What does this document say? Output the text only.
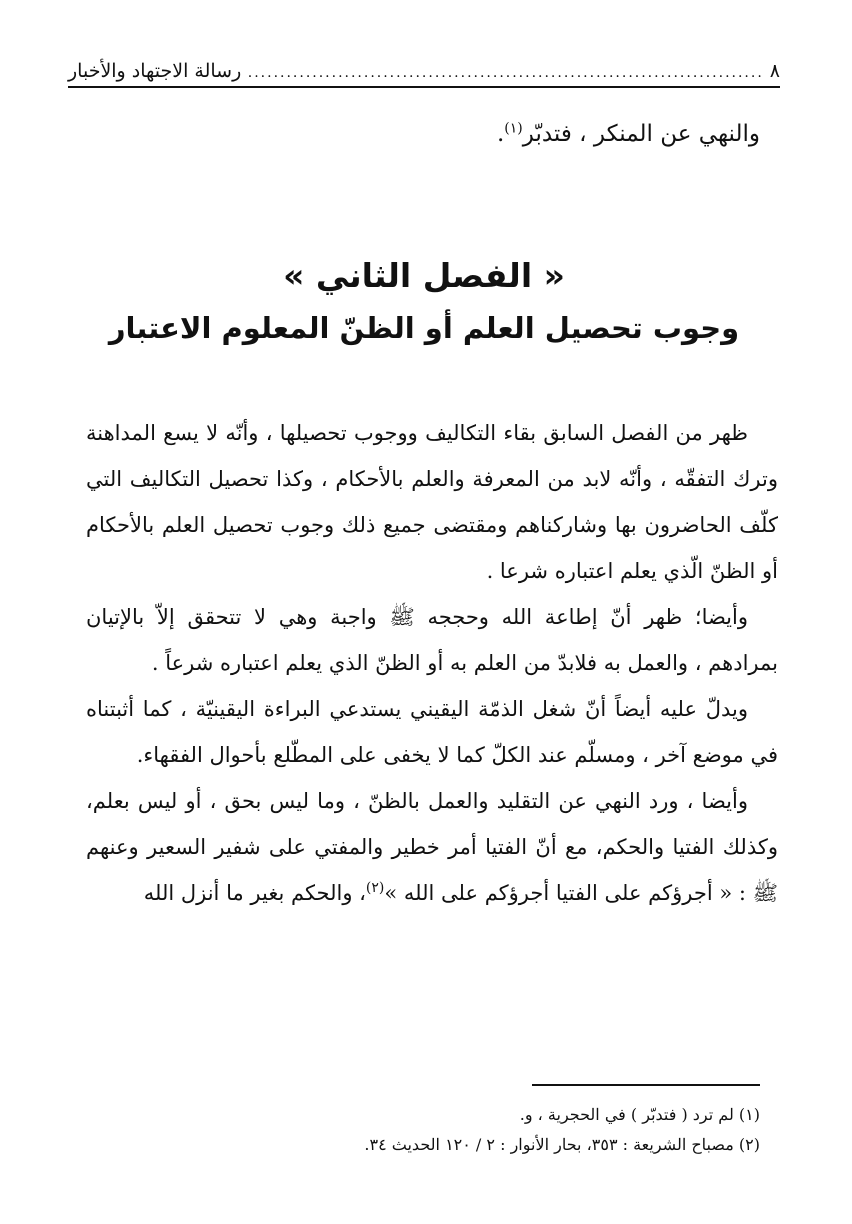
٨
................................................................................
رسالة الاجتهاد والأخبار
والنهي عن المنكر ، فتدبّر$^{(١)}$.
« الفصل الثاني »
وجوب تحصيل العلم أو الظنّ المعلوم الاعتبار

ظهر من الفصل السابق بقاء التكاليف ووجوب تحصيلها ، وأنّه لا يسع المداهنة وترك التفقّه ، وأنّه لابد من المعرفة والعلم بالأحكام ، وكذا تحصيل التكاليف التي كلّف الحاضرون بها وشاركناهم ومقتضى جميع ذلك وجوب تحصيل العلم بالأحكام أو الظنّ الّذي يعلم اعتباره شرعا .

وأيضا؛ ظهر أنّ إطاعة الله وحججه ﷺ واجبة وهي لا تتحقق إلاّ بالإتيان بمرادهم ، والعمل به فلابدّ من العلم به أو الظنّ الذي يعلم اعتباره شرعاً .

ويدلّ عليه أيضاً أنّ شغل الذمّة اليقيني يستدعي البراءة اليقينيّة ، كما أثبتناه في موضع آخر ، ومسلّم عند الكلّ كما لا يخفى على المطّلع بأحوال الفقهاء.

وأيضا ، ورد النهي عن التقليد والعمل بالظنّ ، وما ليس بحق ، أو ليس بعلم، وكذلك الفتيا والحكم، مع أنّ الفتيا أمر خطير والمفتي على شفير السعير وعنهم ﷺ : « أجرؤكم على الفتيا أجرؤكم على الله »$^{(٢)}$، والحكم بغير ما أنزل الله

(١) لم ترد ( فتدبّر ) في الحجرية ، و.
(٢) مصباح الشريعة : ٣٥٣، بحار الأنوار : ٢ / ١٢٠ الحديث ٣٤.
